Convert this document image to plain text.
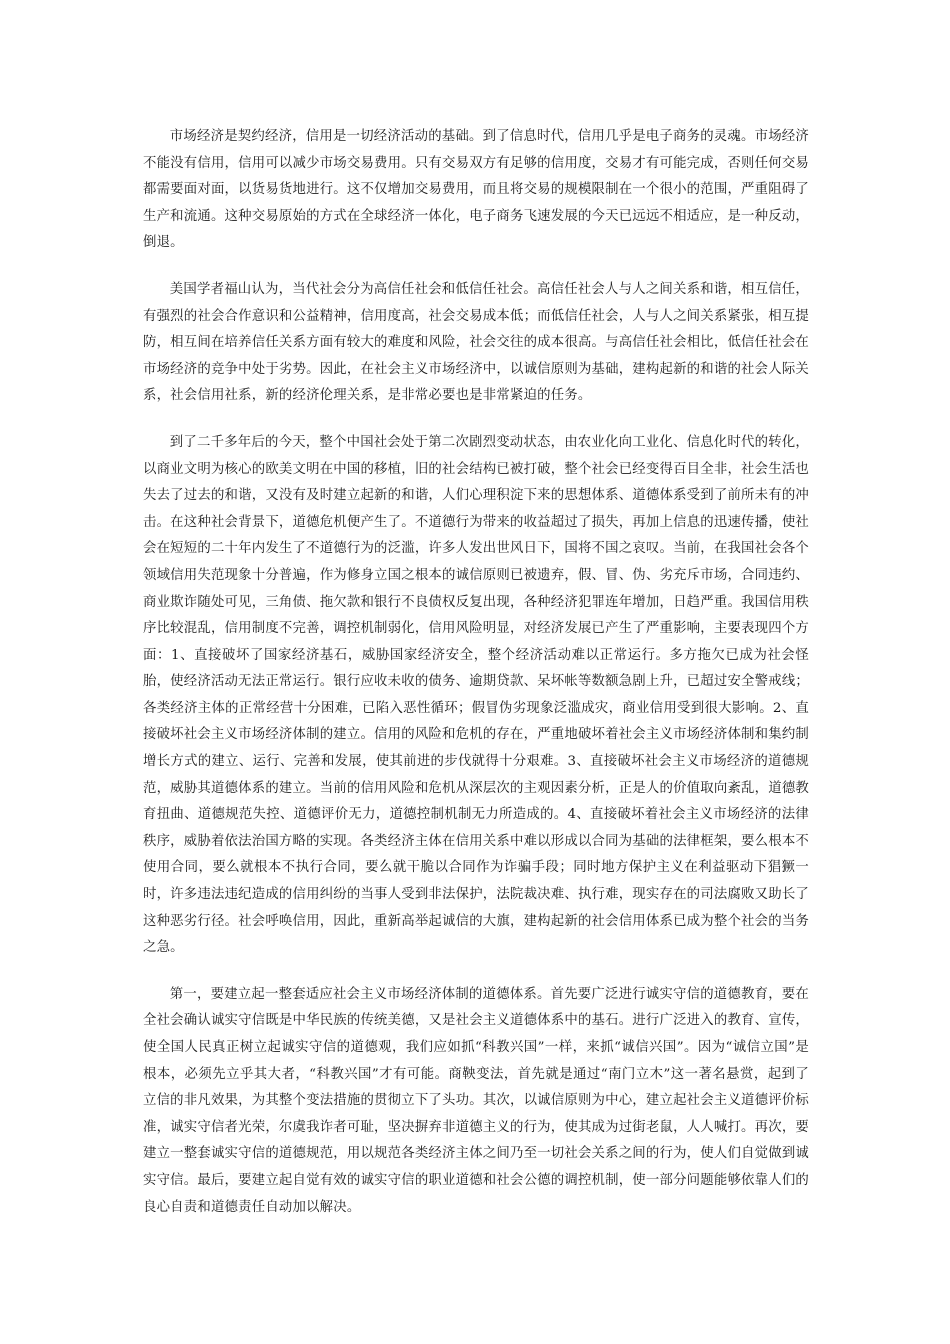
市场经济是契约经济，信用是一切经济活动的基础。到了信息时代，信用几乎是电子商务的灵魂。市场经济不能没有信用，信用可以减少市场交易费用。只有交易双方有足够的信用度，交易才有可能完成，否则任何交易都需要面对面，以货易货地进行。这不仅增加交易费用，而且将交易的规模限制在一个很小的范围，严重阻碍了生产和流通。这种交易原始的方式在全球经济一体化，电子商务飞速发展的今天已远远不相适应，是一种反动，倒退。

美国学者福山认为，当代社会分为高信任社会和低信任社会。高信任社会人与人之间关系和谐，相互信任，有强烈的社会合作意识和公益精神，信用度高，社会交易成本低；而低信任社会，人与人之间关系紧张，相互提防，相互间在培养信任关系方面有较大的难度和风险，社会交往的成本很高。与高信任社会相比，低信任社会在市场经济的竞争中处于劣势。因此，在社会主义市场经济中，以诚信原则为基础，建构起新的和谐的社会人际关系，社会信用社系，新的经济伦理关系，是非常必要也是非常紧迫的任务。

到了二千多年后的今天，整个中国社会处于第二次剧烈变动状态，由农业化向工业化、信息化时代的转化，以商业文明为核心的欧美文明在中国的移植，旧的社会结构已被打破，整个社会已经变得百目全非，社会生活也失去了过去的和谐，又没有及时建立起新的和谐，人们心理积淀下来的思想体系、道德体系受到了前所未有的冲击。在这种社会背景下，道德危机便产生了。不道德行为带来的收益超过了损失，再加上信息的迅速传播，使社会在短短的二十年内发生了不道德行为的泛滥，许多人发出世风日下，国将不国之哀叹。当前，在我国社会各个领域信用失范现象十分普遍，作为修身立国之根本的诚信原则已被遗弃，假、冒、伪、劣充斥市场，合同违约、商业欺诈随处可见，三角债、拖欠款和银行不良债权反复出现，各种经济犯罪连年增加，日趋严重。我国信用秩序比较混乱，信用制度不完善，调控机制弱化，信用风险明显，对经济发展已产生了严重影响，主要表现四个方面：1、直接破坏了国家经济基石，威胁国家经济安全，整个经济活动难以正常运行。多方拖欠已成为社会怪胎，使经济活动无法正常运行。银行应收未收的债务、逾期贷款、呆坏帐等数额急剧上升，已超过安全警戒线；各类经济主体的正常经营十分困难，已陷入恶性循环；假冒伪劣现象泛滥成灾，商业信用受到很大影响。2、直接破坏社会主义市场经济体制的建立。信用的风险和危机的存在，严重地破坏着社会主义市场经济体制和集约制增长方式的建立、运行、完善和发展，使其前进的步伐就得十分艰难。3、直接破坏社会主义市场经济的道德规范，威胁其道德体系的建立。当前的信用风险和危机从深层次的主观因素分析，正是人的价值取向紊乱，道德教育扭曲、道德规范失控、道德评价无力，道德控制机制无力所造成的。4、直接破坏着社会主义市场经济的法律秩序，威胁着依法治国方略的实现。各类经济主体在信用关系中难以形成以合同为基础的法律框架，要么根本不使用合同，要么就根本不执行合同，要么就干脆以合同作为诈骗手段；同时地方保护主义在利益驱动下猖獗一时，许多违法违纪造成的信用纠纷的当事人受到非法保护，法院裁决难、执行难，现实存在的司法腐败又助长了这种恶劣行径。社会呼唤信用，因此，重新高举起诚信的大旗，建构起新的社会信用体系已成为整个社会的当务之急。

第一，要建立起一整套适应社会主义市场经济体制的道德体系。首先要广泛进行诚实守信的道德教育，要在全社会确认诚实守信既是中华民族的传统美德，又是社会主义道德体系中的基石。进行广泛进入的教育、宣传，使全国人民真正树立起诚实守信的道德观，我们应如抓“科教兴国”一样，来抓“诚信兴国”。因为“诚信立国”是根本，必须先立乎其大者，“科教兴国”才有可能。商鞅变法，首先就是通过“南门立木”这一著名悬赏，起到了立信的非凡效果，为其整个变法措施的贯彻立下了头功。其次，以诚信原则为中心，建立起社会主义道德评价标准，诚实守信者光荣，尔虞我诈者可耻，坚决摒弃非道德主义的行为，使其成为过街老鼠，人人喊打。再次，要建立一整套诚实守信的道德规范，用以规范各类经济主体之间乃至一切社会关系之间的行为，使人们自觉做到诚实守信。最后，要建立起自觉有效的诚实守信的职业道德和社会公德的调控机制，使一部分问题能够依靠人们的良心自责和道德责任自动加以解决。
